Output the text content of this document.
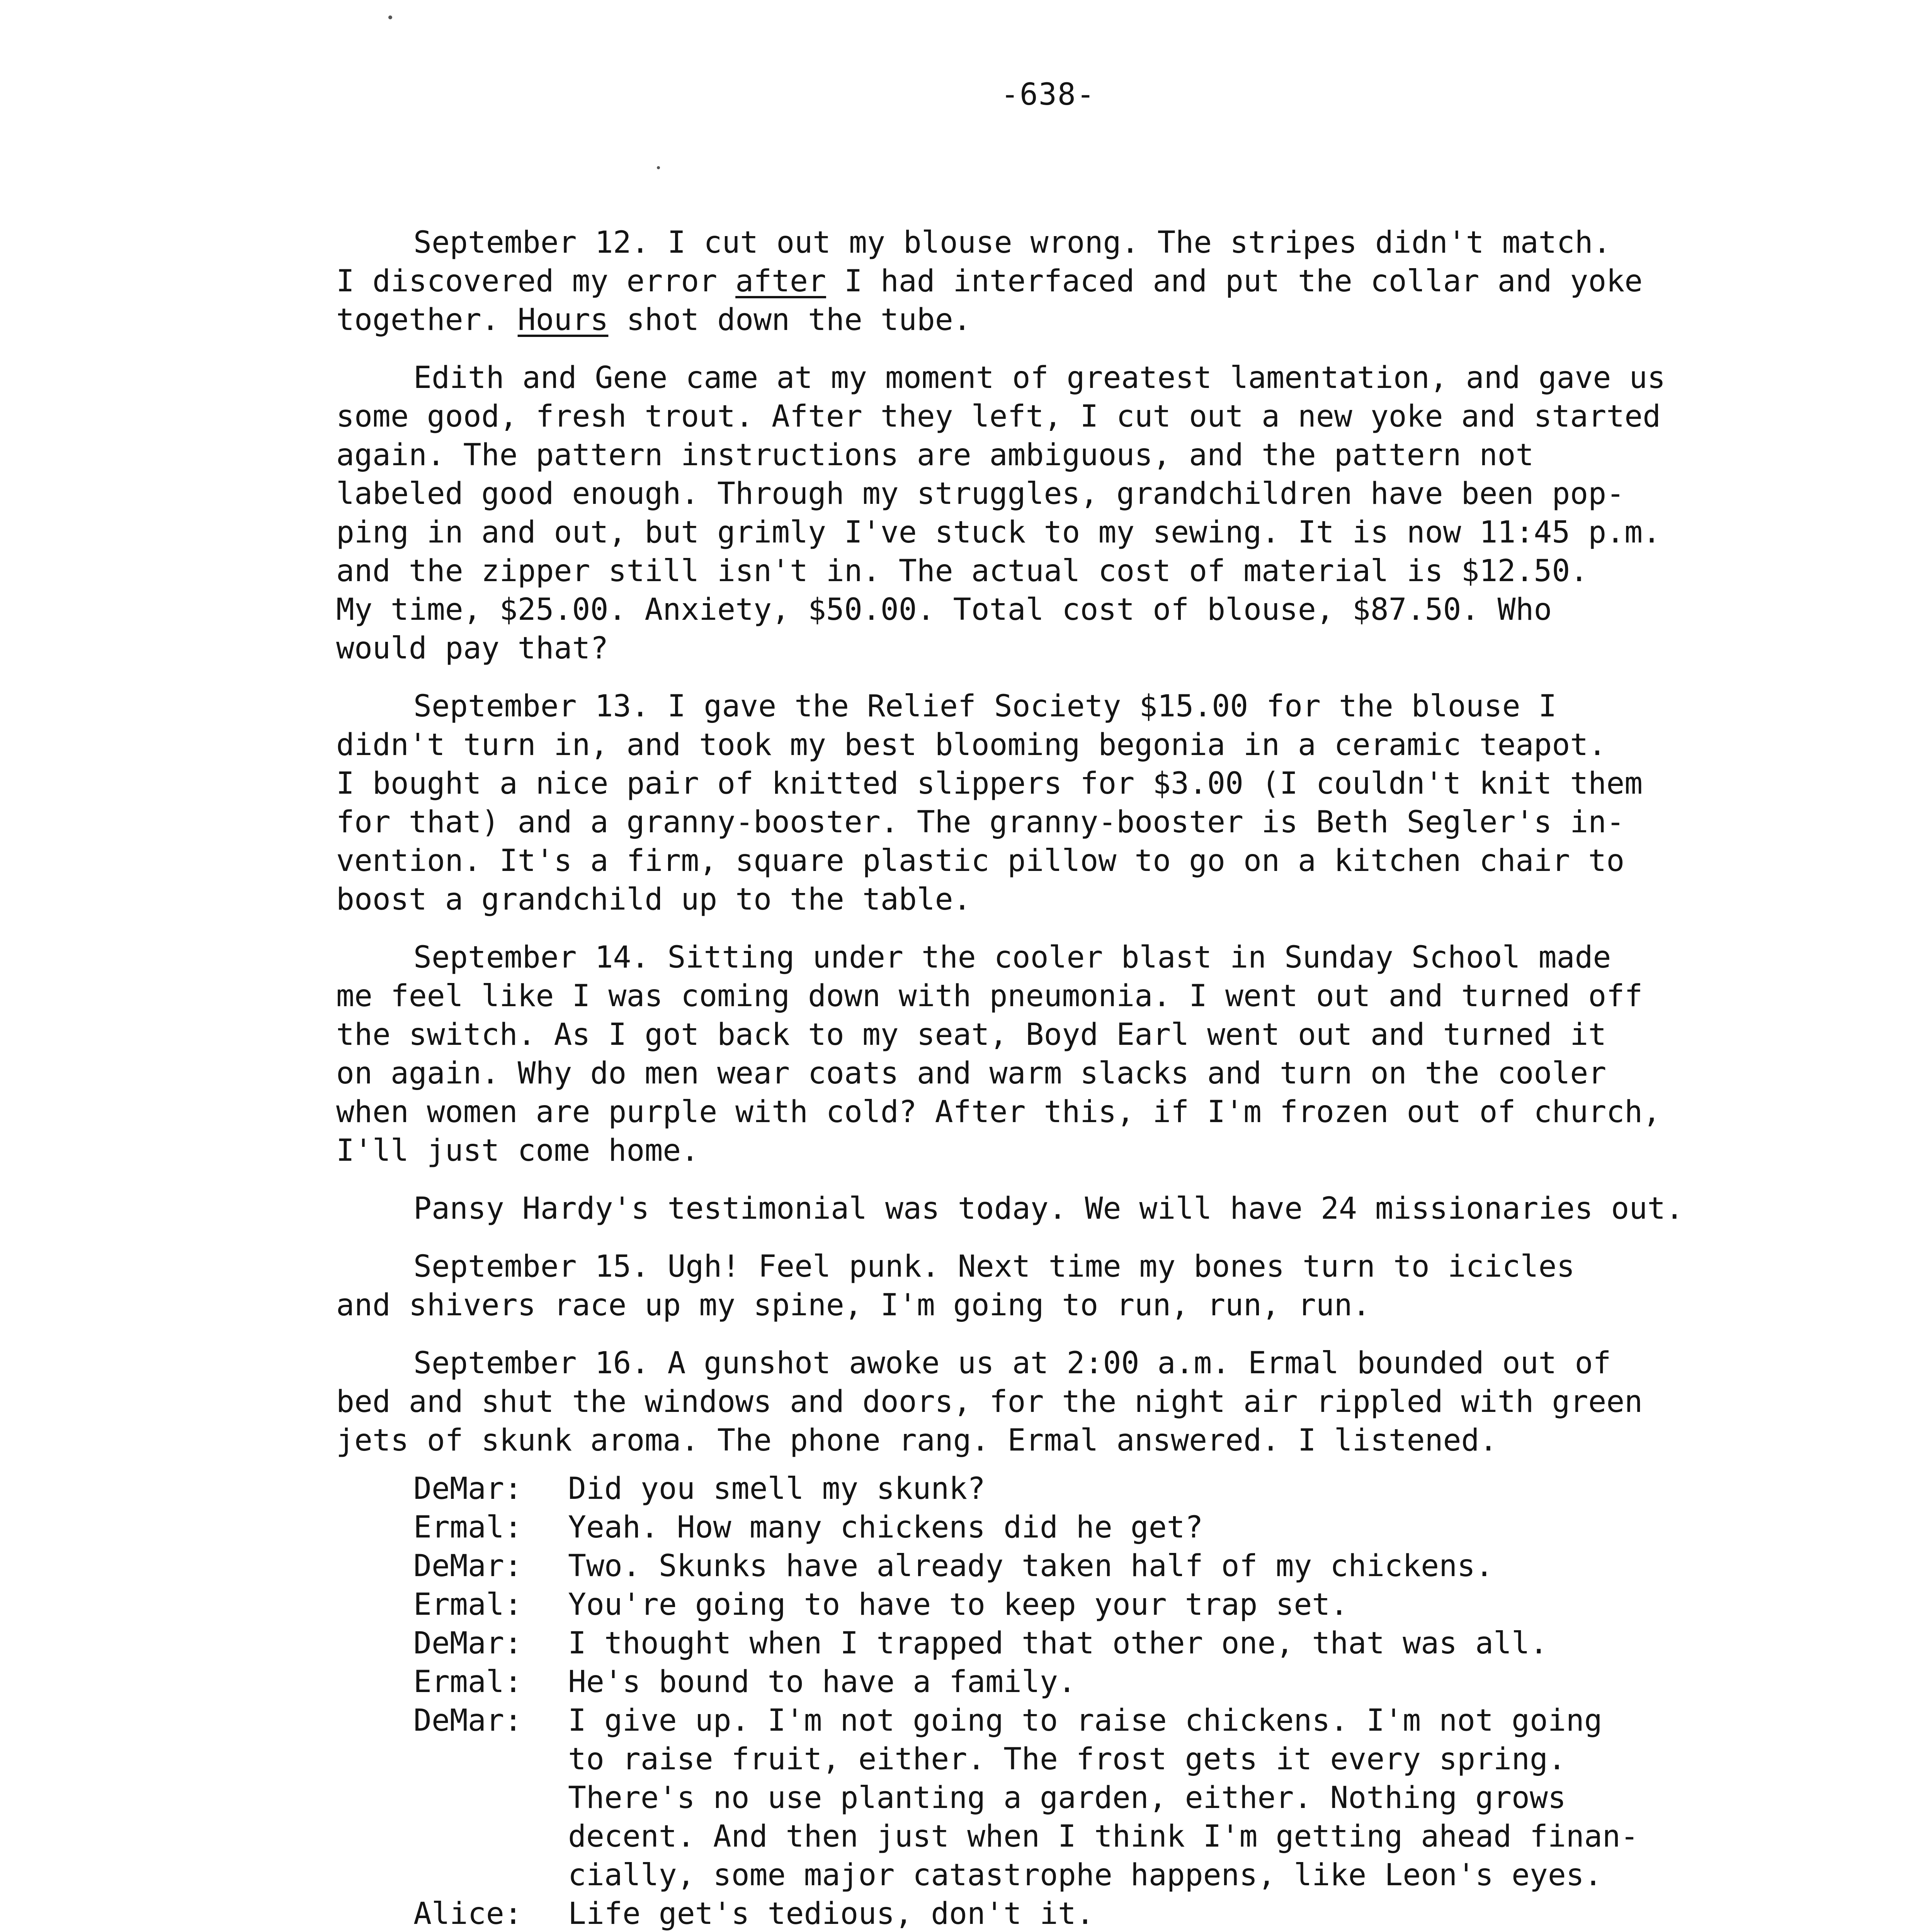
-638-

September 12. I cut out my blouse wrong. The stripes didn't match.
I discovered my error after I had interfaced and put the collar and yoke
together. Hours shot down the tube.

Edith and Gene came at my moment of greatest lamentation, and gave us
some good, fresh trout. After they left, I cut out a new yoke and started
again. The pattern instructions are ambiguous, and the pattern not
labeled good enough. Through my struggles, grandchildren have been pop-
ping in and out, but grimly I've stuck to my sewing. It is now 11:45 p.m.
and the zipper still isn't in. The actual cost of material is $12.50.
My time, $25.00. Anxiety, $50.00. Total cost of blouse, $87.50. Who
would pay that?

September 13. I gave the Relief Society $15.00 for the blouse I
didn't turn in, and took my best blooming begonia in a ceramic teapot.
I bought a nice pair of knitted slippers for $3.00 (I couldn't knit them
for that) and a granny-booster. The granny-booster is Beth Segler's in-
vention. It's a firm, square plastic pillow to go on a kitchen chair to
boost a grandchild up to the table.

September 14. Sitting under the cooler blast in Sunday School made
me feel like I was coming down with pneumonia. I went out and turned off
the switch. As I got back to my seat, Boyd Earl went out and turned it
on again. Why do men wear coats and warm slacks and turn on the cooler
when women are purple with cold? After this, if I'm frozen out of church,
I'll just come home.

Pansy Hardy's testimonial was today. We will have 24 missionaries out.

September 15. Ugh! Feel punk. Next time my bones turn to icicles
and shivers race up my spine, I'm going to run, run, run.

September 16. A gunshot awoke us at 2:00 a.m. Ermal bounded out of
bed and shut the windows and doors, for the night air rippled with green
jets of skunk aroma. The phone rang. Ermal answered. I listened.

DeMar:	Did you smell my skunk?
Ermal:	Yeah. How many chickens did he get?
DeMar:	Two. Skunks have already taken half of my chickens.
Ermal:	You're going to have to keep your trap set.
DeMar:	I thought when I trapped that other one, that was all.
Ermal:	He's bound to have a family.
DeMar:	I give up. I'm not going to raise chickens. I'm not going
to raise fruit, either. The frost gets it every spring.
There's no use planting a garden, either. Nothing grows
decent. And then just when I think I'm getting ahead finan-
cially, some major catastrophe happens, like Leon's eyes.
Alice:	Life get's tedious, don't it.
